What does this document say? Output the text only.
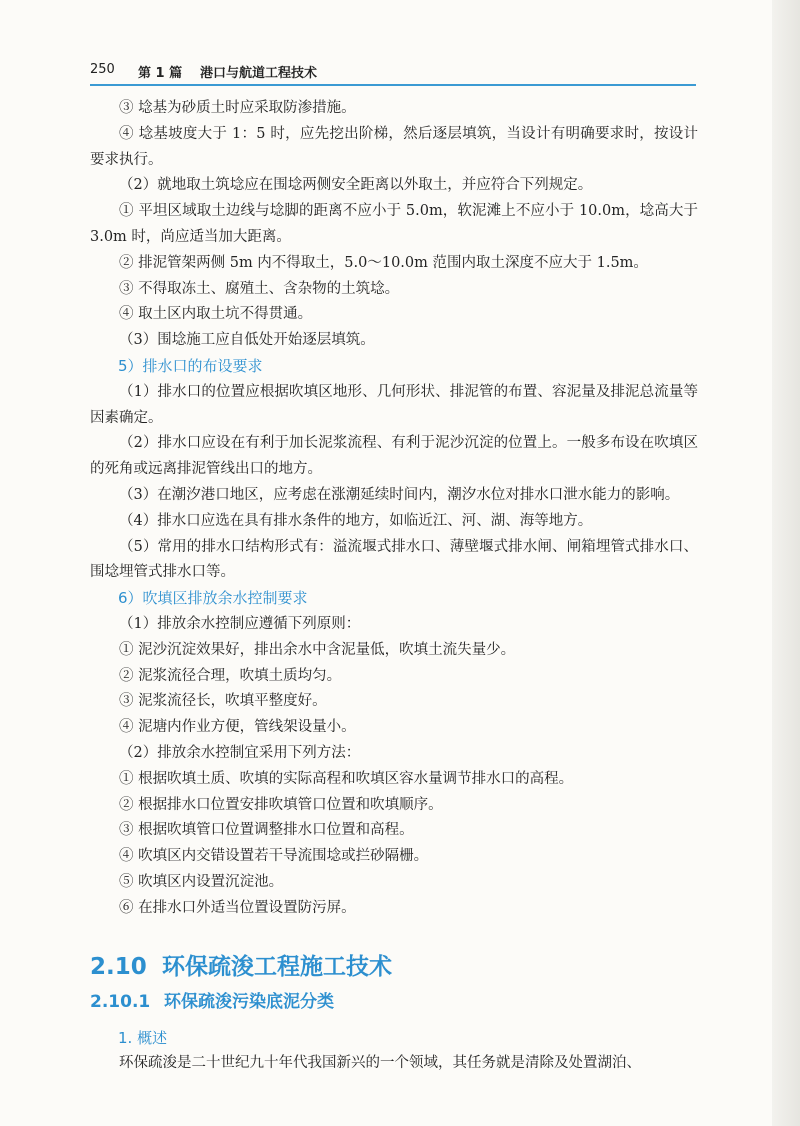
250 第 1 篇 港口与航道工程技术

③ 埝基为砂质土时应采取防渗措施。

④ 埝基坡度大于 1：5 时，应先挖出阶梯，然后逐层填筑，当设计有明确要求时，按设计要求执行。

（2）就地取土筑埝应在围埝两侧安全距离以外取土，并应符合下列规定。

① 平坦区域取土边线与埝脚的距离不应小于 5.0m，软泥滩上不应小于 10.0m，埝高大于 3.0m 时，尚应适当加大距离。

② 排泥管架两侧 5m 内不得取土，5.0～10.0m 范围内取土深度不应大于 1.5m。

③ 不得取冻土、腐殖土、含杂物的土筑埝。

④ 取土区内取土坑不得贯通。

（3）围埝施工应自低处开始逐层填筑。

5）排水口的布设要求

（1）排水口的位置应根据吹填区地形、几何形状、排泥管的布置、容泥量及排泥总流量等因素确定。

（2）排水口应设在有利于加长泥浆流程、有利于泥沙沉淀的位置上。一般多布设在吹填区的死角或远离排泥管线出口的地方。

（3）在潮汐港口地区，应考虑在涨潮延续时间内，潮汐水位对排水口泄水能力的影响。

（4）排水口应选在具有排水条件的地方，如临近江、河、湖、海等地方。

（5）常用的排水口结构形式有：溢流堰式排水口、薄壁堰式排水闸、闸箱埋管式排水口、围埝埋管式排水口等。

6）吹填区排放余水控制要求

（1）排放余水控制应遵循下列原则：

① 泥沙沉淀效果好，排出余水中含泥量低，吹填土流失量少。

② 泥浆流径合理，吹填土质均匀。

③ 泥浆流径长，吹填平整度好。

④ 泥塘内作业方便，管线架设量小。

（2）排放余水控制宜采用下列方法：

① 根据吹填土质、吹填的实际高程和吹填区容水量调节排水口的高程。

② 根据排水口位置安排吹填管口位置和吹填顺序。

③ 根据吹填管口位置调整排水口位置和高程。

④ 吹填区内交错设置若干导流围埝或拦砂隔栅。

⑤ 吹填区内设置沉淀池。

⑥ 在排水口外适当位置设置防污屏。

2.10 环保疏浚工程施工技术
2.10.1 环保疏浚污染底泥分类

1. 概述

环保疏浚是二十世纪九十年代我国新兴的一个领域，其任务就是清除及处置湖泊、
